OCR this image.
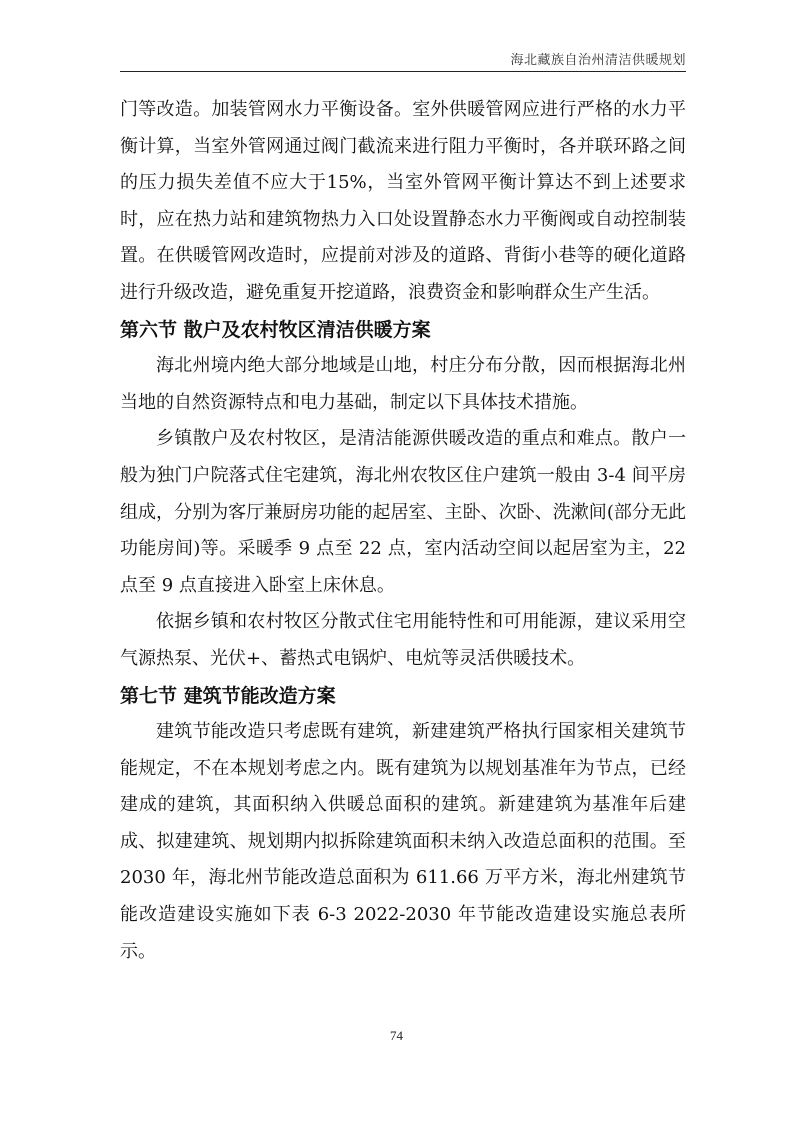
海北藏族自治州清洁供暖规划

门等改造。加装管网水力平衡设备。室外供暖管网应进行严格的水力平衡计算，当室外管网通过阀门截流来进行阻力平衡时，各并联环路之间的压力损失差值不应大于15%，当室外管网平衡计算达不到上述要求时，应在热力站和建筑物热力入口处设置静态水力平衡阀或自动控制装置。在供暖管网改造时，应提前对涉及的道路、背街小巷等的硬化道路进行升级改造，避免重复开挖道路，浪费资金和影响群众生产生活。

第六节 散户及农村牧区清洁供暖方案

海北州境内绝大部分地域是山地，村庄分布分散，因而根据海北州当地的自然资源特点和电力基础，制定以下具体技术措施。

乡镇散户及农村牧区，是清洁能源供暖改造的重点和难点。散户一般为独门户院落式住宅建筑，海北州农牧区住户建筑一般由 3-4 间平房组成，分别为客厅兼厨房功能的起居室、主卧、次卧、洗漱间(部分无此功能房间)等。采暖季 9 点至 22 点，室内活动空间以起居室为主，22 点至 9 点直接进入卧室上床休息。

依据乡镇和农村牧区分散式住宅用能特性和可用能源，建议采用空气源热泵、光伏+、蓄热式电锅炉、电炕等灵活供暖技术。

第七节 建筑节能改造方案

建筑节能改造只考虑既有建筑，新建建筑严格执行国家相关建筑节能规定，不在本规划考虑之内。既有建筑为以规划基准年为节点，已经建成的建筑，其面积纳入供暖总面积的建筑。新建建筑为基准年后建成、拟建建筑、规划期内拟拆除建筑面积未纳入改造总面积的范围。至 2030 年，海北州节能改造总面积为 611.66 万平方米，海北州建筑节能改造建设实施如下表 6-3 2022-2030 年节能改造建设实施总表所示。

74
